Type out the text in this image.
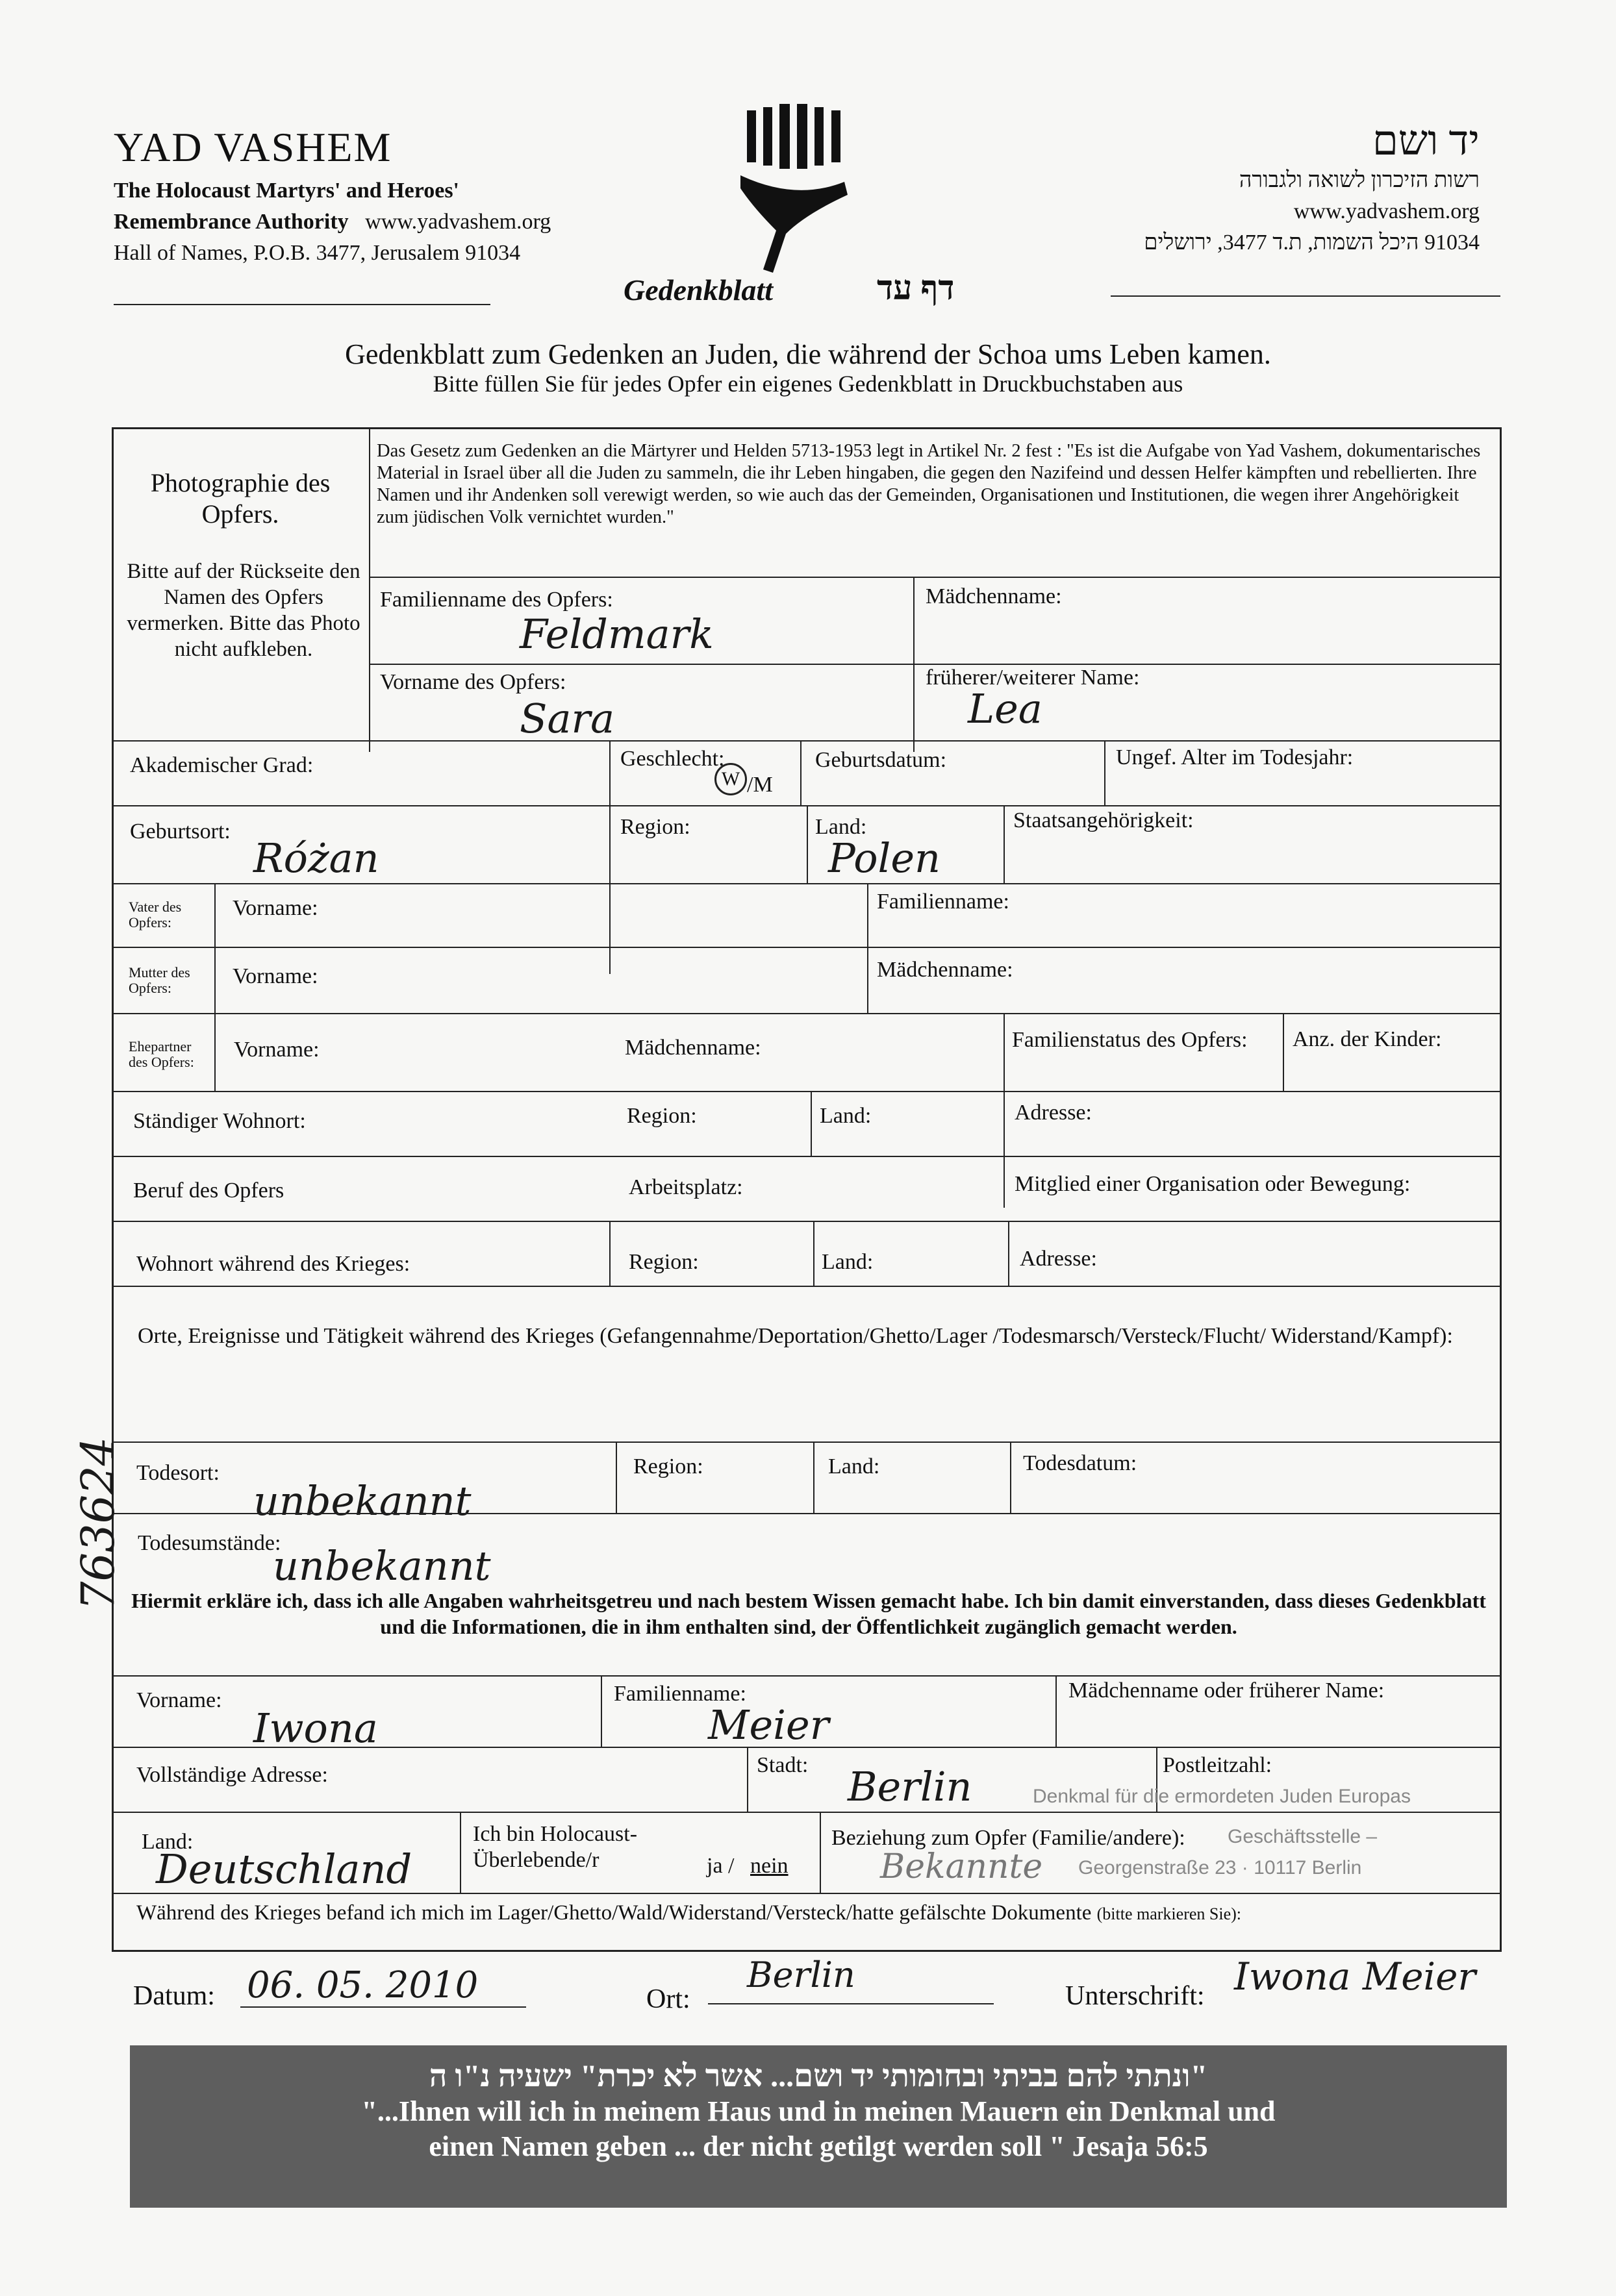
YAD VASHEM
The Holocaust Martyrs' and Heroes'
Remembrance Authority www.yadvashem.org
Hall of Names, P.O.B. 3477, Jerusalem 91034
Gedenkblatt	דף עד
יד ושם
רשות הזיכרון לשואה ולגבורה
www.yadvashem.org
91034 היכל השמות, ת.ד 3477, ירושלים
Gedenkblatt zum Gedenken an Juden, die während der Schoa ums Leben kamen.
Bitte füllen Sie für jedes Opfer ein eigenes Gedenkblatt in Druckbuchstaben aus
Photographie des Opfers.
Bitte auf der Rückseite den Namen des Opfers vermerken. Bitte das Photo nicht aufkleben.
Das Gesetz zum Gedenken an die Märtyrer und Helden 5713-1953 legt in Artikel Nr. 2 fest : "Es ist die Aufgabe von Yad Vashem, dokumentarisches Material in Israel über all die Juden zu sammeln, die ihr Leben hingaben, die gegen den Nazifeind und dessen Helfer kämpften und rebellierten. Ihre Namen und ihr Andenken soll verewigt werden, so wie auch das der Gemeinden, Organisationen und Institutionen, die wegen ihrer Angehörigkeit zum jüdischen Volk vernichtet wurden."
Familienname des Opfers:
Feldmark
Mädchenname:
Vorname des Opfers:
Sara
früherer/weiterer Name:
Lea
Akademischer Grad:	Geschlecht:
W /M
Geburtsdatum:	Ungef. Alter im Todesjahr:
Geburtsort:
Różan
Region:	Land:
Polen
Staatsangehörigkeit:
Vater des Opfers:
Vorname:	Familienname:
Mutter des Opfers:	Vorname:	Mädchenname:
Ehepartner des Opfers:
Vorname:	Mädchenname:	Familienstatus des Opfers:	Anz. der Kinder:
Ständiger Wohnort:	Region:	Land:	Adresse:
Beruf des Opfers	Arbeitsplatz:	Mitglied einer Organisation oder Bewegung:
Wohnort während des Krieges:	Region:	Land:	Adresse:
Orte, Ereignisse und Tätigkeit während des Krieges (Gefangennahme/Deportation/Ghetto/Lager /Todesmarsch/Versteck/Flucht/ Widerstand/Kampf):
Todesort:
unbekannt
Region:	Land:	Todesdatum:
Todesumstände:
unbekannt
Hiermit erkläre ich, dass ich alle Angaben wahrheitsgetreu und nach bestem Wissen gemacht habe. Ich bin damit einverstanden, dass dieses Gedenkblatt und die Informationen, die in ihm enthalten sind, der Öffentlichkeit zugänglich gemacht werden.
Vorname:
Iwona
Familienname:
Meier
Mädchenname oder früherer Name:
Vollständige Adresse:	Stadt: Berlin	Postleitzahl:
Denkmal für die ermordeten Juden Europas
Land:
Deutschland
Ich bin Holocaust-Überlebende/r	ja / nein
Beziehung zum Opfer (Familie/andere):
Bekannte
Geschäftsstelle –
Georgenstraße 23 · 10117 Berlin
Während des Krieges befand ich mich im Lager/Ghetto/Wald/Widerstand/Versteck/hatte gefälschte Dokumente (bitte markieren Sie):
Datum: 06. 05. 2010	Ort:
Berlin
Unterschrift: Iwona Meier
763624
"ונתתי להם בביתי ובחומותי יד ושם... אשר לא יכרת" ישעיה נ"ו ה
"...Ihnen will ich in meinem Haus und in meinen Mauern ein Denkmal und
einen Namen geben ... der nicht getilgt werden soll " Jesaja 56:5
